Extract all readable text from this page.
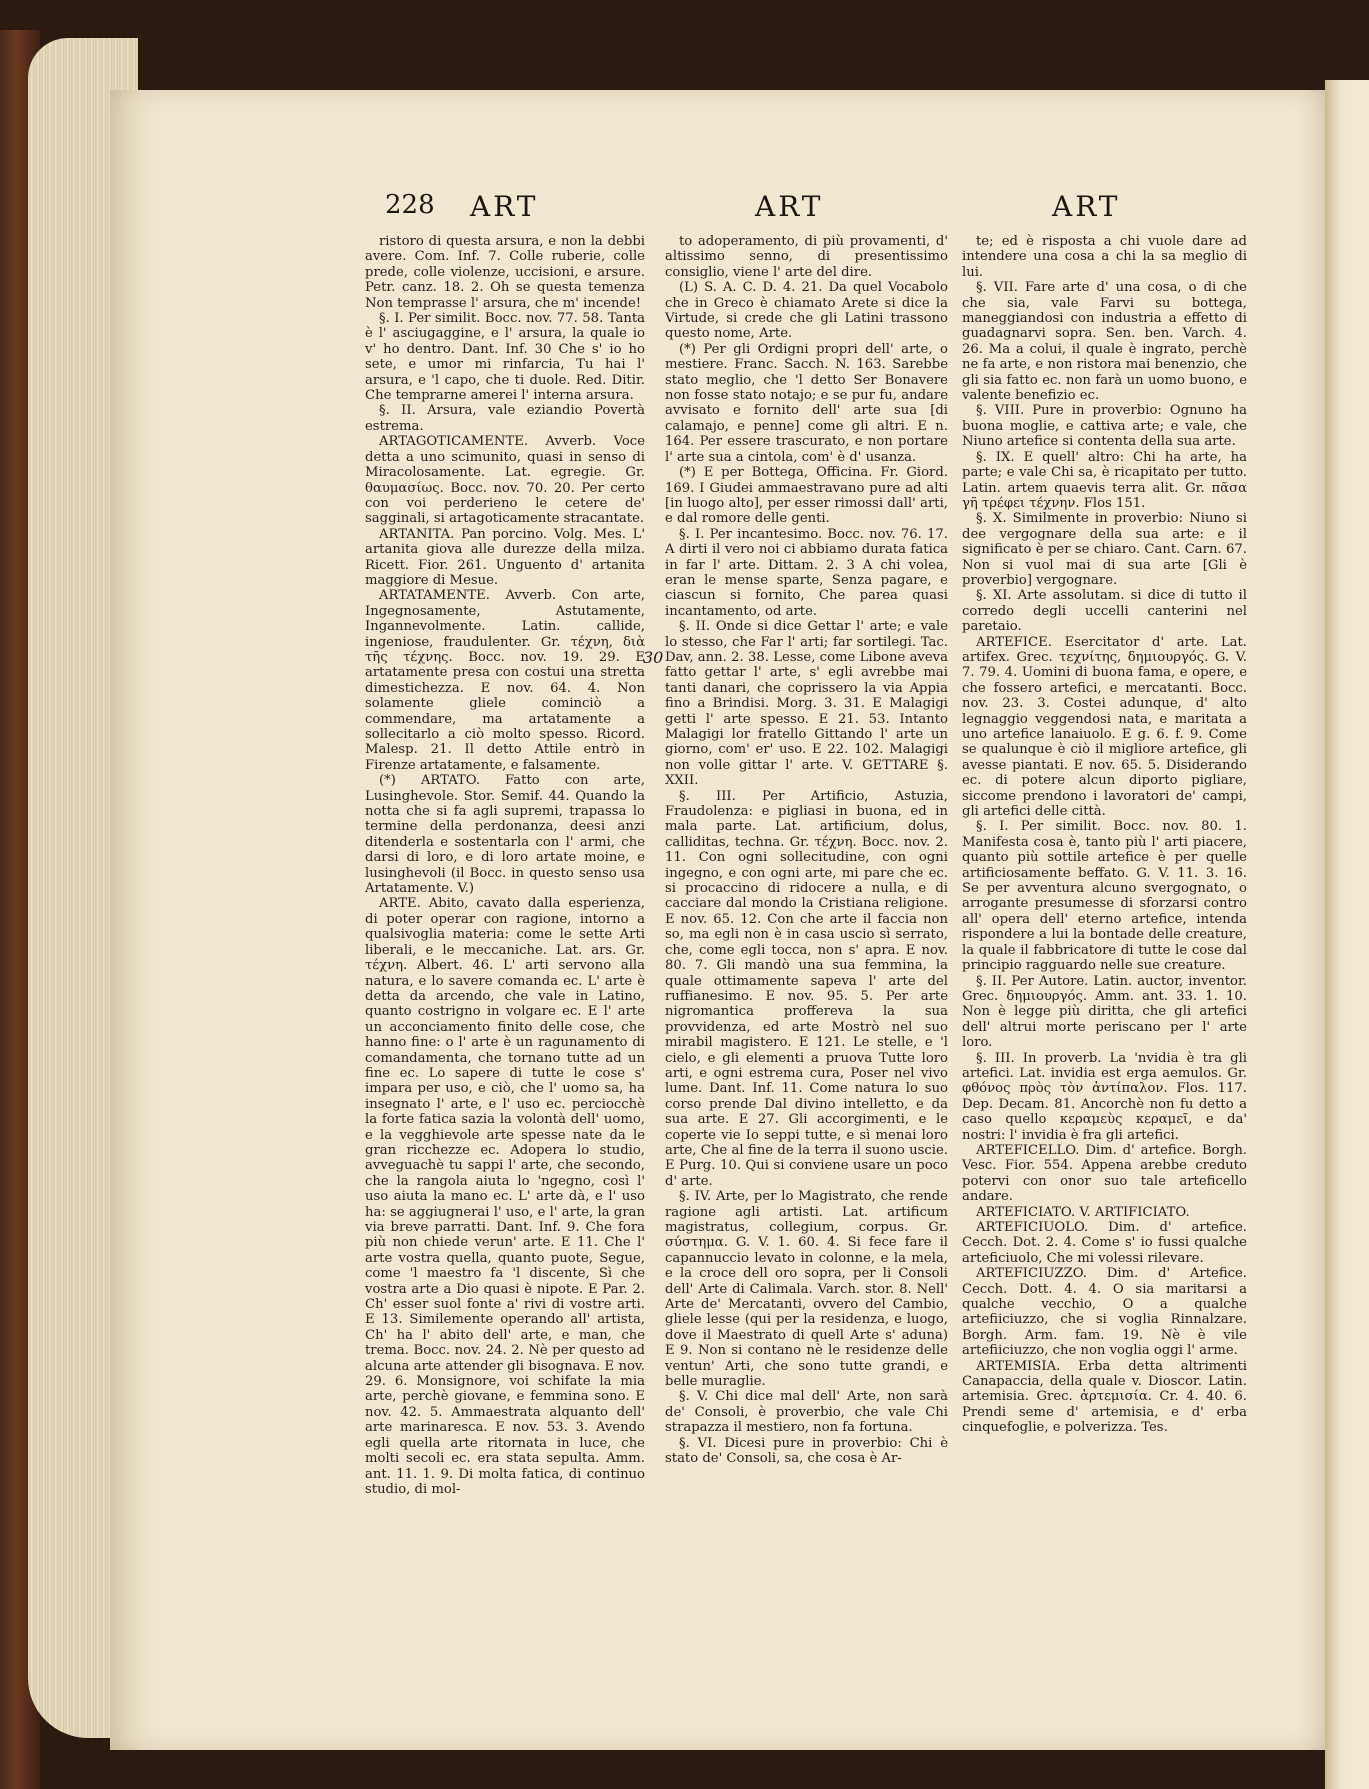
228 ART	ART	ART
30

ristoro di questa arsura, e non la debbi avere. Com. Inf. 7. Colle ruberie, colle prede, colle violenze, uccisioni, e arsure. Petr. canz. 18. 2. Oh se questa temenza Non temprasse l' arsura, che m' incende!

§. I. Per similit. Bocc. nov. 77. 58. Tanta è l' asciugaggine, e l' arsura, la quale io v' ho dentro. Dant. Inf. 30 Che s' io ho sete, e umor mi rinfarcia, Tu hai l' arsura, e 'l capo, che ti duole. Red. Ditir. Che temprarne amerei l' interna arsura.

§. II. Arsura, vale eziandio Povertà estrema.

ARTAGOTICAMENTE. Avverb. Voce detta a uno scimunito, quasi in senso di Miracolosamente. Lat. egregie. Gr. θαυμασίως. Bocc. nov. 70. 20. Per certo con voi perderieno le cetere de' sagginali, si artagoticamente stracantate.

ARTANITA. Pan porcino. Volg. Mes. L' artanita giova alle durezze della milza. Ricett. Fior. 261. Unguento d' artanita maggiore di Mesue.

ARTATAMENTE. Avverb. Con arte, Ingegnosamente, Astutamente, Ingannevolmente. Latin. callide, ingeniose, fraudulenter. Gr. τέχνη, διὰ τῆς τέχνης. Bocc. nov. 19. 29. E artatamente presa con costui una stretta dimestichezza. E nov. 64. 4. Non solamente gliele cominciò a commendare, ma artatamente a sollecitarlo a ciò molto spesso. Ricord. Malesp. 21. Il detto Attile entrò in Firenze artatamente, e falsamente.

(*) ARTATO. Fatto con arte, Lusinghevole. Stor. Semif. 44. Quando la notta che si fa agli supremi, trapassa lo termine della perdonanza, deesi anzi ditenderla e sostentarla con l' armi, che darsi di loro, e di loro artate moine, e lusinghevoli (il Bocc. in questo senso usa Artatamente. V.)

ARTE. Abito, cavato dalla esperienza, di poter operar con ragione, intorno a qualsivoglia materia: come le sette Arti liberali, e le meccaniche. Lat. ars. Gr. τέχνη. Albert. 46. L' arti servono alla natura, e lo savere comanda ec. L' arte è detta da arcendo, che vale in Latino, quanto costrigno in volgare ec. E l' arte un acconciamento finito delle cose, che hanno fine: o l' arte è un ragunamento di comandamenta, che tornano tutte ad un fine ec. Lo sapere di tutte le cose s' impara per uso, e ciò, che l' uomo sa, ha insegnato l' arte, e l' uso ec. perciocchè la forte fatica sazia la volontà dell' uomo, e la vegghievole arte spesse nate da le gran ricchezze ec. Adopera lo studio, avveguachè tu sappi l' arte, che secondo, che la rangola aiuta lo 'ngegno, così l' uso aiuta la mano ec. L' arte dà, e l' uso ha: se aggiugnerai l' uso, e l' arte, la gran via breve parratti. Dant. Inf. 9. Che fora più non chiede verun' arte. E 11. Che l' arte vostra quella, quanto puote, Segue, come 'l maestro fa 'l discente, Sì che vostra arte a Dio quasi è nipote. E Par. 2. Ch' esser suol fonte a' rivi di vostre arti. E 13. Similemente operando all' artista, Ch' ha l' abito dell' arte, e man, che trema. Bocc. nov. 24. 2. Nè per questo ad alcuna arte attender gli bisognava. E nov. 29. 6. Monsignore, voi schifate la mia arte, perchè giovane, e femmina sono. E nov. 42. 5. Ammaestrata alquanto dell' arte marinaresca. E nov. 53. 3. Avendo egli quella arte ritornata in luce, che molti secoli ec. era stata sepulta. Amm. ant. 11. 1. 9. Di molta fatica, di continuo studio, di mol-

to adoperamento, di più provamenti, d' altissimo senno, di presentissimo consiglio, viene l' arte del dire.

(L) S. A. C. D. 4. 21. Da quel Vocabolo che in Greco è chiamato Arete si dice la Virtude, si crede che gli Latini trassono questo nome, Arte.

(*) Per gli Ordigni propri dell' arte, o mestiere. Franc. Sacch. N. 163. Sarebbe stato meglio, che 'l detto Ser Bonavere non fosse stato notajo; e se pur fu, andare avvisato e fornito dell' arte sua [di calamajo, e penne] come gli altri. E n. 164. Per essere trascurato, e non portare l' arte sua a cintola, com' è d' usanza.

(*) E per Bottega, Officina. Fr. Giord. 169. I Giudei ammaestravano pure ad alti [in luogo alto], per esser rimossi dall' arti, e dal romore delle genti.

§. I. Per incantesimo. Bocc. nov. 76. 17. A dirti il vero noi ci abbiamo durata fatica in far l' arte. Dittam. 2. 3 A chi volea, eran le mense sparte, Senza pagare, e ciascun si fornito, Che parea quasi incantamento, od arte.

§. II. Onde si dice Gettar l' arte; e vale lo stesso, che Far l' arti; far sortilegi. Tac. Dav, ann. 2. 38. Lesse, come Libone aveva fatto gettar l' arte, s' egli avrebbe mai tanti danari, che coprissero la via Appia fino a Brindisi. Morg. 3. 31. E Malagigi getti l' arte spesso. E 21. 53. Intanto Malagigi lor fratello Gittando l' arte un giorno, com' er' uso. E 22. 102. Malagigi non volle gittar l' arte. V. GETTARE §. XXII.

§. III. Per Artificio, Astuzia, Fraudolenza: e pigliasi in buona, ed in mala parte. Lat. artificium, dolus, calliditas, techna. Gr. τέχνη. Bocc. nov. 2. 11. Con ogni sollecitudine, con ogni ingegno, e con ogni arte, mi pare che ec. si procaccino di ridocere a nulla, e di cacciare dal mondo la Cristiana religione. E nov. 65. 12. Con che arte il faccia non so, ma egli non è in casa uscio sì serrato, che, come egli tocca, non s' apra. E nov. 80. 7. Gli mandò una sua femmina, la quale ottimamente sapeva l' arte del ruffianesimo. E nov. 95. 5. Per arte nigromantica proffereva la sua provvidenza, ed arte Mostrò nel suo mirabil magistero. E 121. Le stelle, e 'l cielo, e gli elementi a pruova Tutte loro arti, e ogni estrema cura, Poser nel vivo lume. Dant. Inf. 11. Come natura lo suo corso prende Dal divino intelletto, e da sua arte. E 27. Gli accorgimenti, e le coperte vie Io seppi tutte, e sì menai loro arte, Che al fine de la terra il suono uscie. E Purg. 10. Qui si conviene usare un poco d' arte.

§. IV. Arte, per lo Magistrato, che rende ragione agli artisti. Lat. artificum magistratus, collegium, corpus. Gr. σύστημα. G. V. 1. 60. 4. Si fece fare il capannuccio levato in colonne, e la mela, e la croce dell oro sopra, per li Consoli dell' Arte di Calimala. Varch. stor. 8. Nell' Arte de' Mercatanti, ovvero del Cambio, gliele lesse (qui per la residenza, e luogo, dove il Maestrato di quell Arte s' aduna) E 9. Non si contano nè le residenze delle ventun' Arti, che sono tutte grandi, e belle muraglie.

§. V. Chi dice mal dell' Arte, non sarà de' Consoli, è proverbio, che vale Chi strapazza il mestiero, non fa fortuna.

§. VI. Dicesi pure in proverbio: Chi è stato de' Consoli, sa, che cosa è Ar-

te; ed è risposta a chi vuole dare ad intendere una cosa a chi la sa meglio di lui.

§. VII. Fare arte d' una cosa, o di che che sia, vale Farvi su bottega, maneggiandosi con industria a effetto di guadagnarvi sopra. Sen. ben. Varch. 4. 26. Ma a colui, il quale è ingrato, perchè ne fa arte, e non ristora mai benenzio, che gli sia fatto ec. non farà un uomo buono, e valente benefizio ec.

§. VIII. Pure in proverbio: Ognuno ha buona moglie, e cattiva arte; e vale, che Niuno artefice si contenta della sua arte.

§. IX. E quell' altro: Chi ha arte, ha parte; e vale Chi sa, è ricapitato per tutto. Latin. artem quaevis terra alit. Gr. πᾶσα γῆ τρέφει τέχνην. Flos 151.

§. X. Similmente in proverbio: Niuno si dee vergognare della sua arte: e il significato è per se chiaro. Cant. Carn. 67. Non si vuol mai di sua arte [Gli è proverbio] vergognare.

§. XI. Arte assolutam. si dice di tutto il corredo degli uccelli canterini nel paretaio.

ARTEFICE. Esercitator d' arte. Lat. artifex. Grec. τεχνίτης, δημιουργός. G. V. 7. 79. 4. Uomini di buona fama, e opere, e che fossero artefici, e mercatanti. Bocc. nov. 23. 3. Costei adunque, d' alto legnaggio veggendosi nata, e maritata a uno artefice lanaiuolo. E g. 6. f. 9. Come se qualunque è ciò il migliore artefice, gli avesse piantati. E nov. 65. 5. Disiderando ec. di potere alcun diporto pigliare, siccome prendono i lavoratori de' campi, gli artefici delle città.

§. I. Per similit. Bocc. nov. 80. 1. Manifesta cosa è, tanto più l' arti piacere, quanto più sottile artefice è per quelle artificiosamente beffato. G. V. 11. 3. 16. Se per avventura alcuno svergognato, o arrogante presumesse di sforzarsi contro all' opera dell' eterno artefice, intenda rispondere a lui la bontade delle creature, la quale il fabbricatore di tutte le cose dal principio ragguardo nelle sue creature.

§. II. Per Autore. Latin. auctor, inventor. Grec. δημιουργός. Amm. ant. 33. 1. 10. Non è legge più diritta, che gli artefici dell' altrui morte periscano per l' arte loro.

§. III. In proverb. La 'nvidia è tra gli artefici. Lat. invidia est erga aemulos. Gr. φθόνος πρὸς τὸν ἀντίπαλον. Flos. 117. Dep. Decam. 81. Ancorchè non fu detto a caso quello κεραμεὺς κεραμεῖ, e da' nostri: l' invidia è fra gli artefici.

ARTEFICELLO. Dim. d' artefice. Borgh. Vesc. Fior. 554. Appena arebbe creduto potervi con onor suo tale arteficello andare.

ARTEFICIATO. V. ARTIFICIATO.

ARTEFICIUOLO. Dim. d' artefice. Cecch. Dot. 2. 4. Come s' io fussi qualche arteficiuolo, Che mi volessi rilevare.

ARTEFICIUZZO. Dim. d' Artefice. Cecch. Dott. 4. 4. O sia maritarsi a qualche vecchio, O a qualche artefiiciuzzo, che si voglia Rinnalzare. Borgh. Arm. fam. 19. Nè è vile artefiiciuzzo, che non voglia oggi l' arme.

ARTEMISIA. Erba detta altrimenti Canapaccia, della quale v. Dioscor. Latin. artemisia. Grec. ἀρτεμισία. Cr. 4. 40. 6. Prendi seme d' artemisia, e d' erba cinquefoglie, e polverizza. Tes.
